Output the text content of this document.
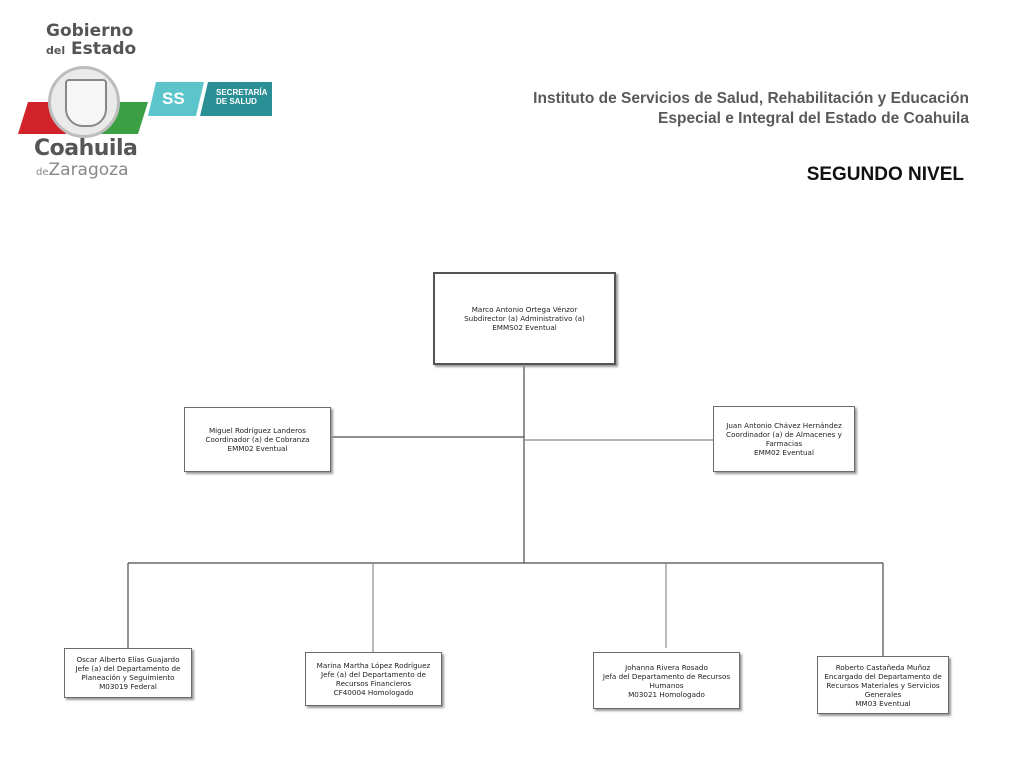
Gobierno
del Estado
SS	SECRETARÍA
DE SALUD
Coahuila
deZaragoza
Instituto de Servicios de Salud, Rehabilitación y Educación
Especial e Integral del Estado de Coahuila
SEGUNDO NIVEL
Marco Antonio Ortega Vénzor
Subdirector (a) Administrativo (a)
EMMS02 Eventual
Miguel Rodríguez Landeros
Coordinador (a) de Cobranza
EMM02 Eventual
Juan Antonio Chávez Hernández
Coordinador (a) de Almacenes y Farmacias
EMM02 Eventual
Oscar Alberto Elías Guajardo
Jefe (a) del Departamento de Planeación y Seguimiento
M03019 Federal
Marina Martha López Rodríguez
Jefe (a) del Departamento de Recursos Financieros
CF40004 Homologado
Johanna Rivera Rosado
Jefa del Departamento de Recursos Humanos
M03021 Homologado
Roberto Castañeda Muñoz
Encargado del Departamento de Recursos Materiales y Servicios Generales
MM03 Eventual
